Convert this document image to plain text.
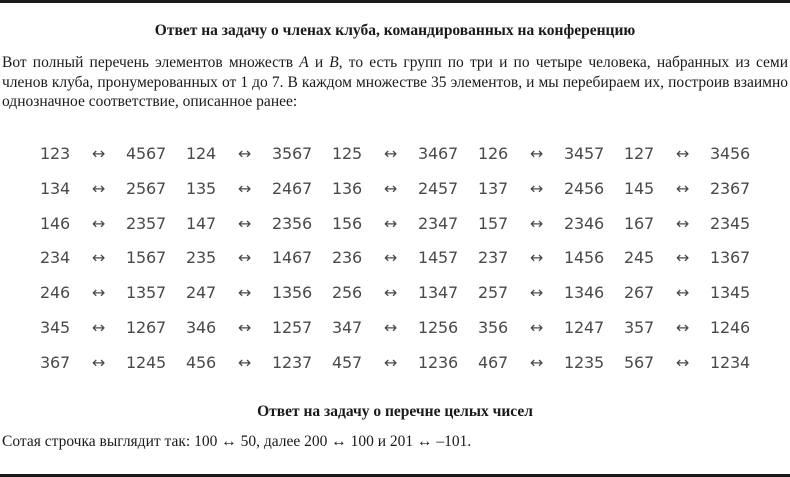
Ответ на задачу о членах клуба, командированных на конференцию
Вот полный перечень элементов множеств A и B, то есть групп по три и по четыре человека, набранных из семи членов клуба, пронумерованных от 1 до 7. В каждом множестве 35 элементов, и мы перебираем их, построив взаимно однозначное соответствие, описанное ранее:
123 ↔ 4567 124 ↔ 3567 125 ↔ 3467 126 ↔ 3457 127 ↔ 3456
134 ↔ 2567 135 ↔ 2467 136 ↔ 2457 137 ↔ 2456 145 ↔ 2367
146 ↔ 2357 147 ↔ 2356 156 ↔ 2347 157 ↔ 2346 167 ↔ 2345
234 ↔ 1567 235 ↔ 1467 236 ↔ 1457 237 ↔ 1456 245 ↔ 1367
246 ↔ 1357 247 ↔ 1356 256 ↔ 1347 257 ↔ 1346 267 ↔ 1345
345 ↔ 1267 346 ↔ 1257 347 ↔ 1256 356 ↔ 1247 357 ↔ 1246
367 ↔ 1245 456 ↔ 1237 457 ↔ 1236 467 ↔ 1235 567 ↔ 1234
Ответ на задачу о перечне целых чисел
Сотая строчка выглядит так: 100 ↔ 50, далее 200 ↔ 100 и 201 ↔ –101.
